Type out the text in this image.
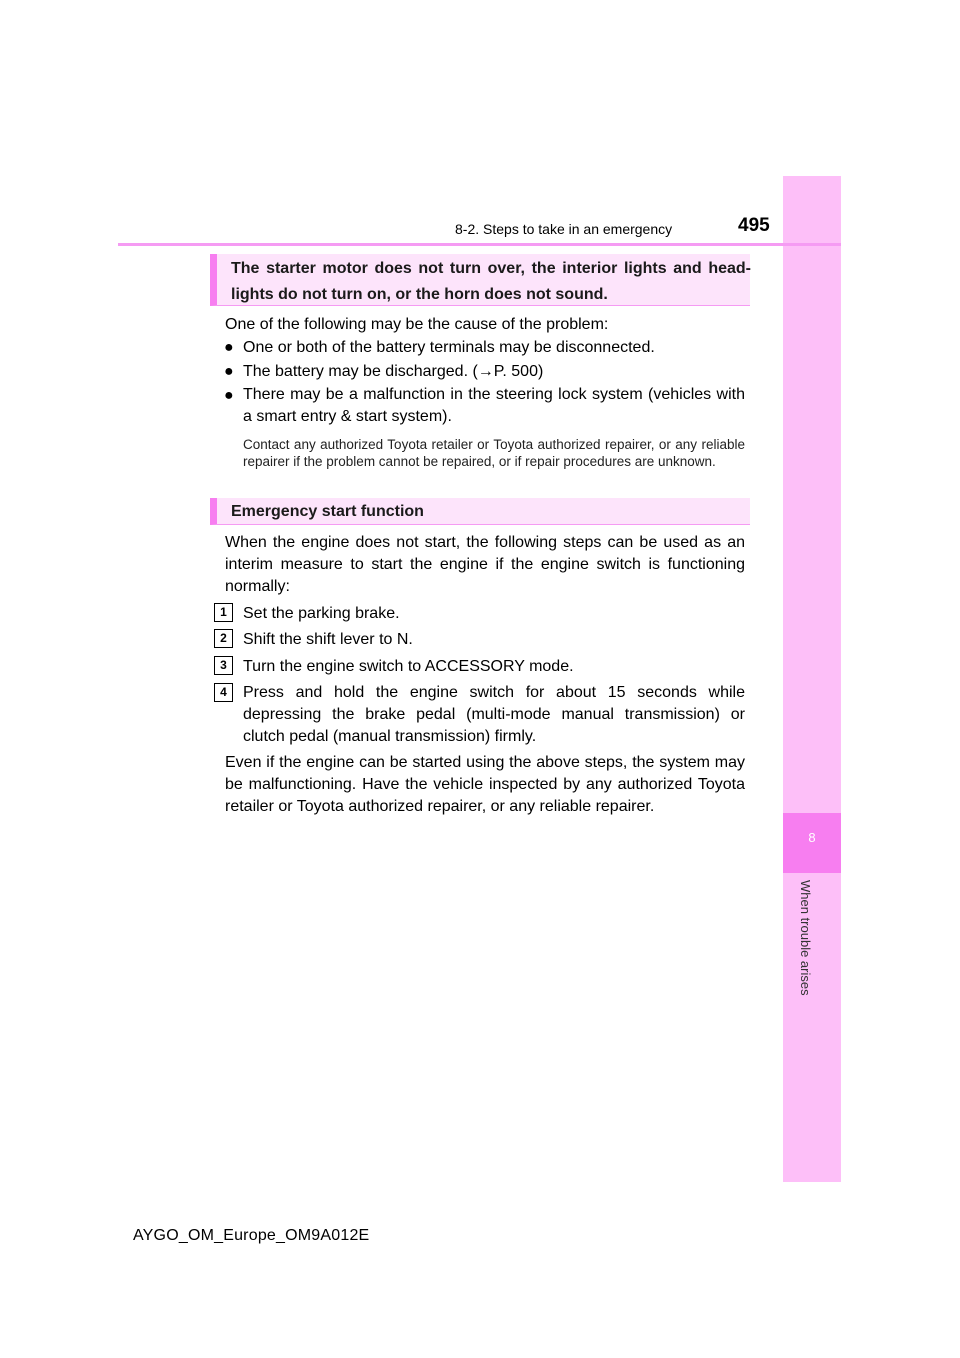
8
When trouble arises
8-2. Steps to take in an emergency	495
The starter motor does not turn over, the interior lights and head-lights do not turn on, or the horn does not sound.
One of the following may be the cause of the problem:
● One or both of the battery terminals may be disconnected.
● The battery may be discharged. (→P. 500)
● There may be a malfunction in the steering lock system (vehicles with a smart entry & start system).
Contact any authorized Toyota retailer or Toyota authorized repairer, or any reliable repairer if the problem cannot be repaired, or if repair procedures are unknown.
Emergency start function
When the engine does not start, the following steps can be used as an interim measure to start the engine if the engine switch is functioning normally:
1	Set the parking brake.
2	Shift the shift lever to N.
3	Turn the engine switch to ACCESSORY mode.
4	Press and hold the engine switch for about 15 seconds while depressing the brake pedal (multi-mode manual transmission) or clutch pedal (manual transmission) firmly.
Even if the engine can be started using the above steps, the system may be malfunctioning. Have the vehicle inspected by any authorized Toyota retailer or Toyota authorized repairer, or any reliable repairer.
AYGO_OM_Europe_OM9A012E
